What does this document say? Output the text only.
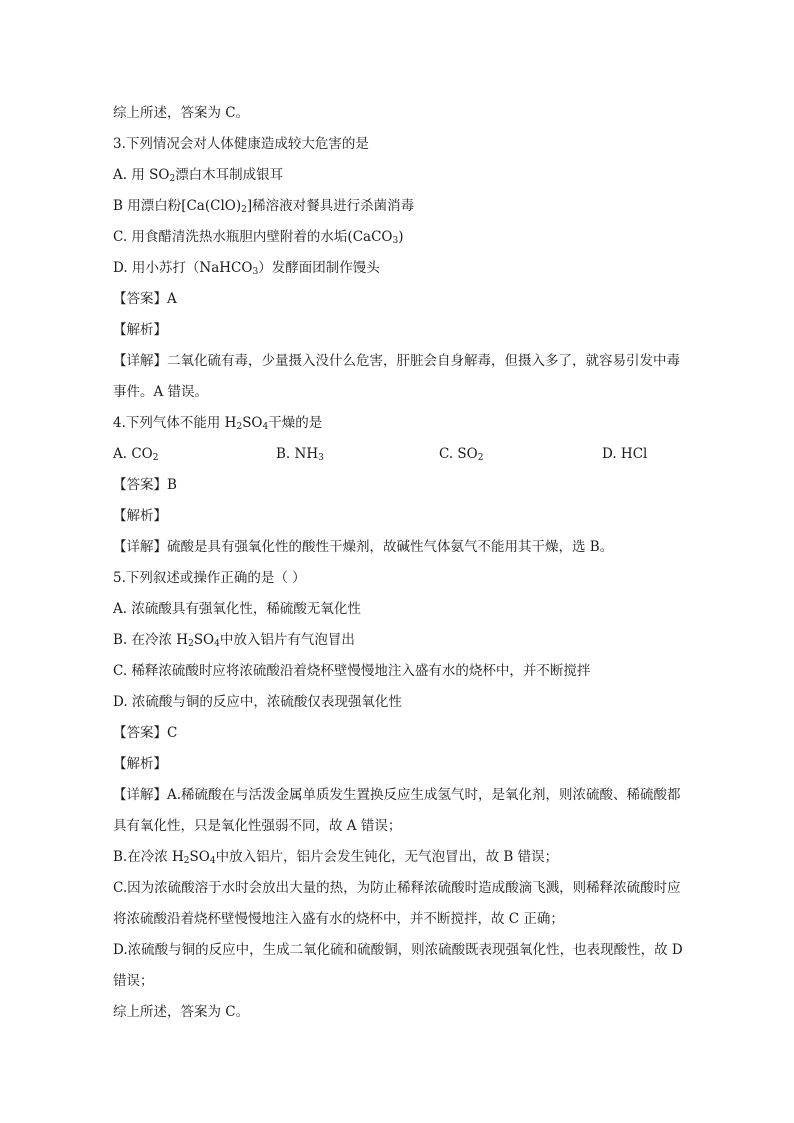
综上所述，答案为 C。
3.下列情况会对人体健康造成较大危害的是
A. 用 $SO_2$漂白木耳制成银耳
B 用漂白粉$[Ca(ClO)_2]$稀溶液对餐具进行杀菌消毒
C. 用食醋清洗热水瓶胆内壁附着的水垢(CaCO$_3$)
D. 用小苏打（NaHCO$_3$）发酵面团制作馒头
【答案】A
【解析】
【详解】二氧化硫有毒，少量摄入没什么危害，肝脏会自身解毒，但摄入多了，就容易引发中毒事件。A 错误。
4.下列气体不能用 $H_2SO_4$干燥的是
A. $CO_2$	B. $NH_3$	C. $SO_2$	D. HCl
【答案】B
【解析】
【详解】硫酸是具有强氧化性的酸性干燥剂，故碱性气体氨气不能用其干燥，选 B。
5.下列叙述或操作正确的是（ ）
A. 浓硫酸具有强氧化性，稀硫酸无氧化性
B. 在冷浓 $H_2SO_4$中放入铝片有气泡冒出
C. 稀释浓硫酸时应将浓硫酸沿着烧杯壁慢慢地注入盛有水的烧杯中，并不断搅拌
D. 浓硫酸与铜的反应中，浓硫酸仅表现强氧化性
【答案】C
【解析】
【详解】A.稀硫酸在与活泼金属单质发生置换反应生成氢气时，是氧化剂，则浓硫酸、稀硫酸都具有氧化性，只是氧化性强弱不同，故 A 错误；
B.在冷浓 $H_2SO_4$中放入铝片，铝片会发生钝化，无气泡冒出，故 B 错误；
C.因为浓硫酸溶于水时会放出大量的热，为防止稀释浓硫酸时造成酸滴飞溅，则稀释浓硫酸时应将浓硫酸沿着烧杯壁慢慢地注入盛有水的烧杯中，并不断搅拌，故 C 正确；
D.浓硫酸与铜的反应中，生成二氧化硫和硫酸铜，则浓硫酸既表现强氧化性，也表现酸性，故 D 错误；
综上所述，答案为 C。
